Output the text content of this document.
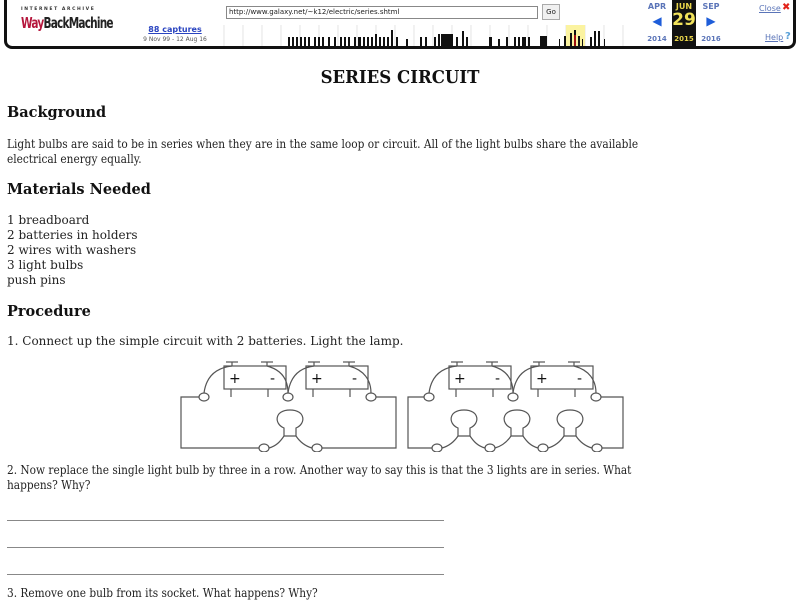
INTERNET ARCHIVE
WayBackMachine	88 captures
9 Nov 99 - 12 Aug 16
http://www.galaxy.net/~k12/electric/series.shtml	Go
APR
◀
2014
JUN
29
2015
SEP
▶
2016
Close ✖
Help ?
SERIES CIRCUIT
Background

Light bulbs are said to be in series when they are in the same loop or circuit. All of the light bulbs share the available

electrical energy equally.

Materials Needed
1 breadboard
2 batteries in holders
2 wires with washers
3 light bulbs
push pins
Procedure

1. Connect up the simple circuit with 2 batteries. Light the lamp.

+ -	+ -	+ -	+ -

2. Now replace the single light bulb by three in a row. Another way to say this is that the 3 lights are in series. What

happens? Why?

3. Remove one bulb from its socket. What happens? Why?
